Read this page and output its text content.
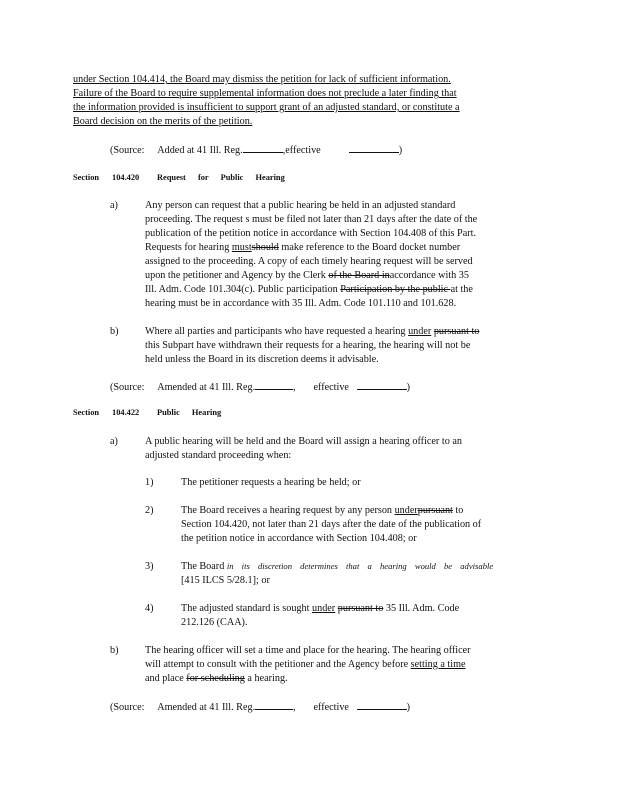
under Section 104.414, the Board may dismiss the petition for lack of sufficient information.
Failure of the Board to require supplemental information does not preclude a later finding that
the information provided is insufficient to support grant of an adjusted standard, or constitute a
Board decision on the merits of the petition.
(Source: Added at 41 Ill. Reg.	,effective	)
Section 104.420 Request for Public Hearing
a)	Any person can request that a public hearing be held in an adjusted standard
proceeding. The request s must be filed not later than 21 days after the date of the
publication of the petition notice in accordance with Section 104.408 of this Part.
Requests for hearing mustshould make reference to the Board docket number
assigned to the proceeding. A copy of each timely hearing request will be served
upon the petitioner and Agency by the Clerk of the Board inaccordance with 35
Ill. Adm. Code 101.304(c). Public participation Participation by the public at the
hearing must be in accordance with 35 Ill. Adm. Code 101.110 and 101.628.
b)	Where all parties and participants who have requested a hearing under pursuant to
this Subpart have withdrawn their requests for a hearing, the hearing will not be
held unless the Board in its discretion deems it advisable.
(Source: Amended at 41 Ill. Reg.	,       effective	)
Section 104.422 Public Hearing
a)	A public hearing will be held and the Board will assign a hearing officer to an
adjusted standard proceeding when:
1)	The petitioner requests a hearing be held; or
2)	The Board receives a hearing request by any person underpursuant to
Section 104.420, not later than 21 days after the date of the publication of
the petition notice in accordance with Section 104.408; or
3)	The Board in its discretion determines that a hearing would be advisable
[415 ILCS 5/28.1]; or
4)	The adjusted standard is sought under pursuant to 35 Ill. Adm. Code
212.126 (CAA).
b)	The hearing officer will set a time and place for the hearing. The hearing officer
will attempt to consult with the petitioner and the Agency before setting a time
and place for scheduling a hearing.
(Source: Amended at 41 Ill. Reg.	,       effective	)
